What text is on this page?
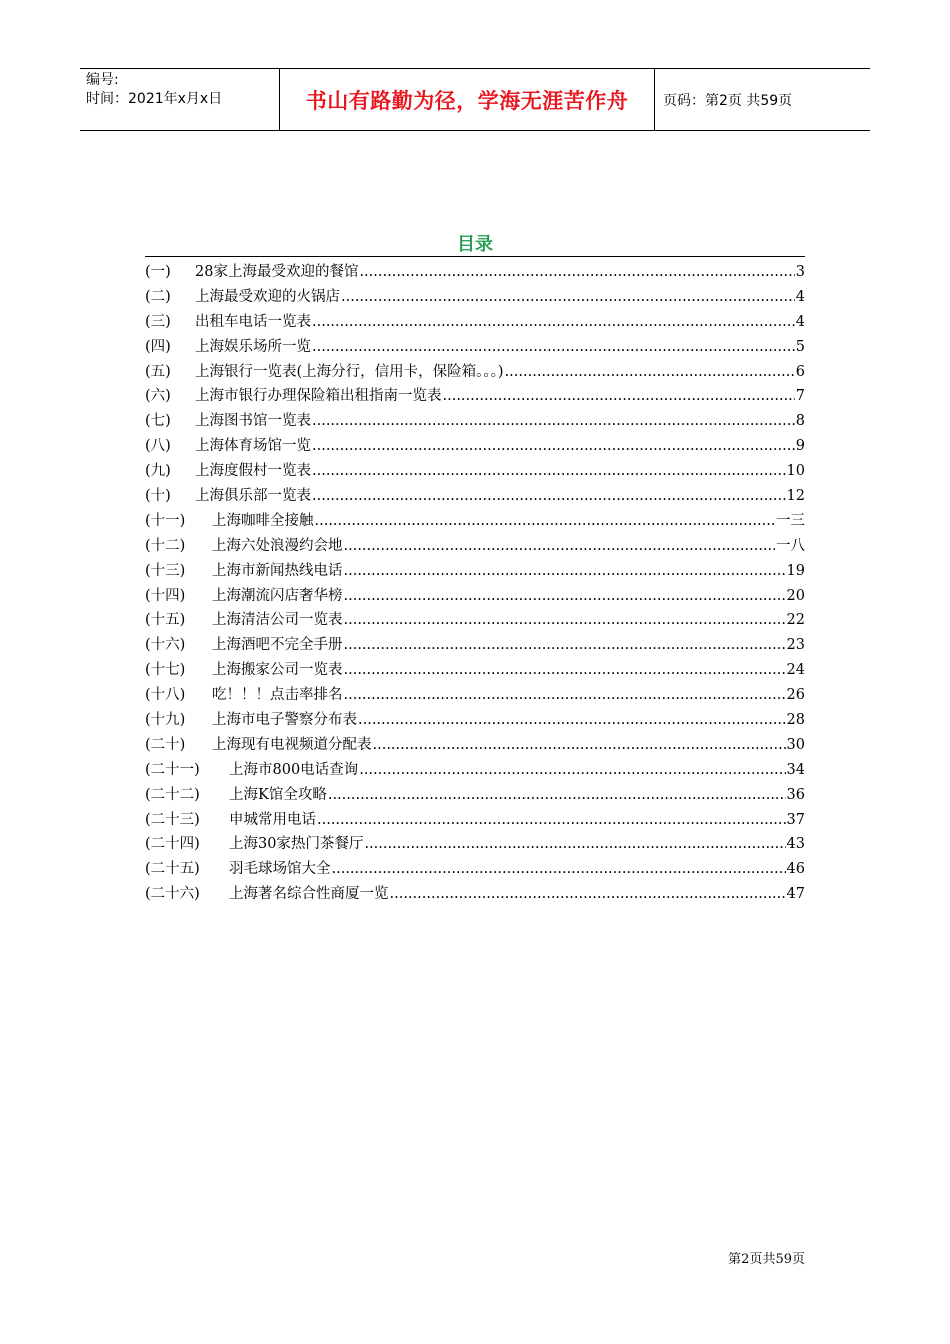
编号:
时间：2021年x月x日	书山有路勤为径，学海无涯苦作舟	页码：第2页 共59页
目录
(一)	28家上海最受欢迎的餐馆 .....	3
(二)	上海最受欢迎的火锅店 .....	4
(三)	出租车电话一览表 .....	4
(四)	上海娱乐场所一览 .....	5
(五)	上海银行一览表(上海分行，信用卡，保险箱。。。) .....	6
(六)	上海市银行办理保险箱出租指南一览表 .....	7
(七)	上海图书馆一览表 .....	8
(八)	上海体育场馆一览 .....	9
(九)	上海度假村一览表 .....	10
(十)	上海俱乐部一览表 .....	12
(十一)	上海咖啡全接触 .....	一三
(十二)	上海六处浪漫约会地 .....	一八
(十三)	上海市新闻热线电话 .....	19
(十四)	上海潮流闪店奢华榜 .....	20
(十五)	上海清洁公司一览表 .....	22
(十六)	上海酒吧不完全手册 .....	23
(十七)	上海搬家公司一览表 .....	24
(十八)	吃！！！点击率排名 .....	26
(十九)	上海市电子警察分布表 .....	28
(二十)	上海现有电视频道分配表 .....	30
(二十一)	上海市800电话查询 .....	34
(二十二)	上海K馆全攻略 .....	36
(二十三)	申城常用电话 .....	37
(二十四)	上海30家热门茶餐厅 .....	43
(二十五)	羽毛球场馆大全 .....	46
(二十六)	上海著名综合性商厦一览 .....	47
第2页共59页
